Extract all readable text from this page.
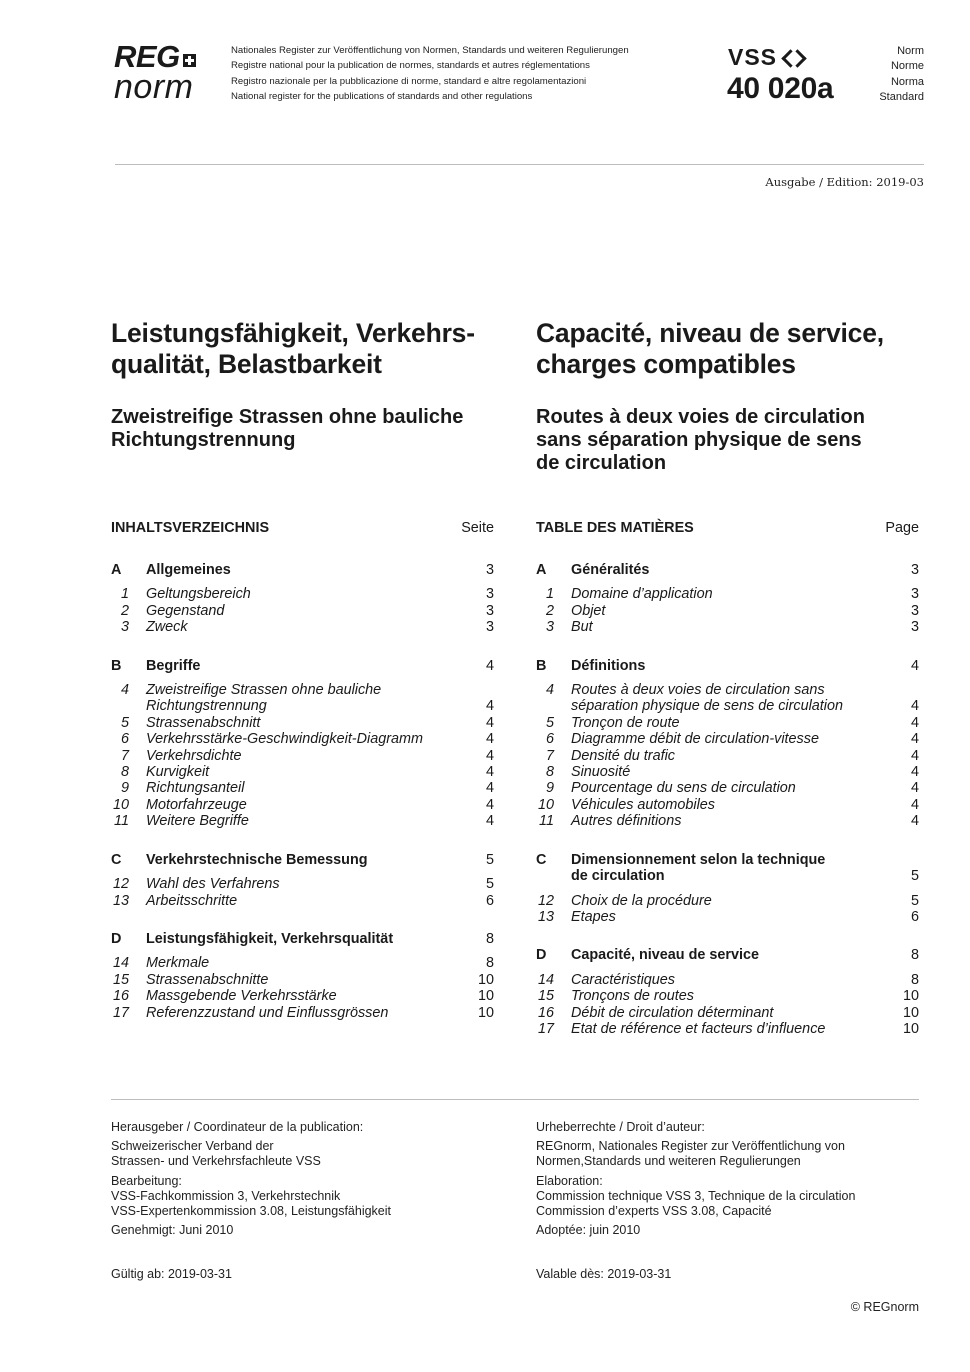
REG
norm
Nationales Register zur Veröffentlichung von Normen, Standards und weiteren Regulierungen
Registre national pour la publication de normes, standards et autres réglementations
Registro nazionale per la pubblicazione di norme, standard e altre regolamentazioni
National register for the publications of standards and other regulations
VSS
40 020a
Norm
Norme
Norma
Standard
Ausgabe / Edition: 2019-03
Leistungsfähigkeit, Verkehrs-
qualität, Belastbarkeit
Zweistreifige Strassen ohne bauliche
Richtungstrennung
Capacité, niveau de service,
charges compatibles
Routes à deux voies de circulation
sans séparation physique de sens
de circulation
INHALTSVERZEICHNIS	Seite
A	Allgemeines	3
1 Geltungsbereich	3
2 Gegenstand	3
3 Zweck	3
B	Begriffe	4
4 Zweistreifige Strassen ohne bauliche
Richtungstrennung	4
5 Strassenabschnitt	4
6 Verkehrsstärke-Geschwindigkeit-Diagramm	4
7 Verkehrsdichte	4
8 Kurvigkeit	4
9 Richtungsanteil	4
10 Motorfahrzeuge	4
11 Weitere Begriffe	4
C	Verkehrstechnische Bemessung	5
12 Wahl des Verfahrens	5
13 Arbeitsschritte	6
D	Leistungsfähigkeit, Verkehrsqualität	8
14 Merkmale	8
15 Strassenabschnitte	10
16 Massgebende Verkehrsstärke	10
17 Referenzzustand und Einflussgrössen	10
TABLE DES MATIÈRES	Page
A	Généralités	3
1 Domaine d’application	3
2 Objet	3
3 But	3
B	Définitions	4
4 Routes à deux voies de circulation sans
séparation physique de sens de circulation	4
5 Tronçon de route	4
6 Diagramme débit de circulation-vitesse	4
7 Densité du trafic	4
8 Sinuosité	4
9 Pourcentage du sens de circulation	4
10 Véhicules automobiles	4
11 Autres définitions	4
C	Dimensionnement selon la technique
de circulation	5
12 Choix de la procédure	5
13 Etapes	6
D	Capacité, niveau de service	8
14 Caractéristiques	8
15 Tronçons de routes	10
16 Débit de circulation déterminant	10
17 Etat de référence et facteurs d’influence	10
Herausgeber / Coordinateur de la publication:
Schweizerischer Verband der
Strassen- und Verkehrsfachleute VSS
Bearbeitung:
VSS-Fachkommission 3, Verkehrstechnik
VSS-Expertenkommission 3.08, Leistungsfähigkeit
Genehmigt: Juni 2010
Urheberrechte / Droit d’auteur:
REGnorm, Nationales Register zur Veröffentlichung von
Normen,Standards und weiteren Regulierungen
Elaboration:
Commission technique VSS 3, Technique de la circulation
Commission d’experts VSS 3.08, Capacité
Adoptée: juin 2010
Gültig ab: 2019-03-31	Valable dès: 2019-03-31
© REGnorm
